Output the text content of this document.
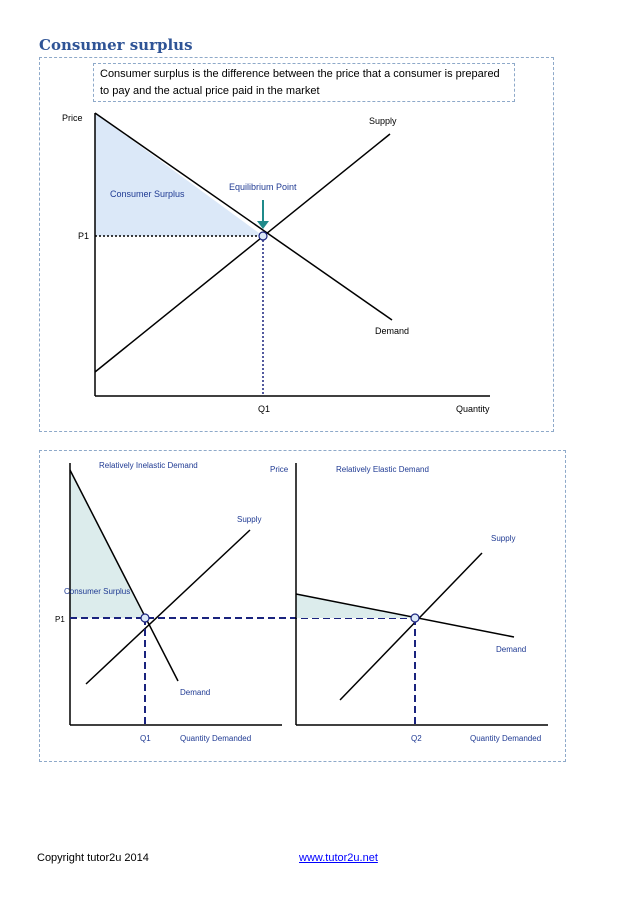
Consumer surplus
Price	Supply
Equilibrium Point
Consumer Surplus
P1
Demand
Q1	Quantity
Relatively Inelastic Demand
Supply
Consumer Surplus
P1
Demand
Q1	Quantity Demanded
Price	Relatively Elastic Demand
Supply
Demand
Q2	Quantity Demanded
Consumer surplus is the difference between the price that a consumer is prepared to pay and the actual price paid in the market
Copyright tutor2u 2014	www.tutor2u.net
